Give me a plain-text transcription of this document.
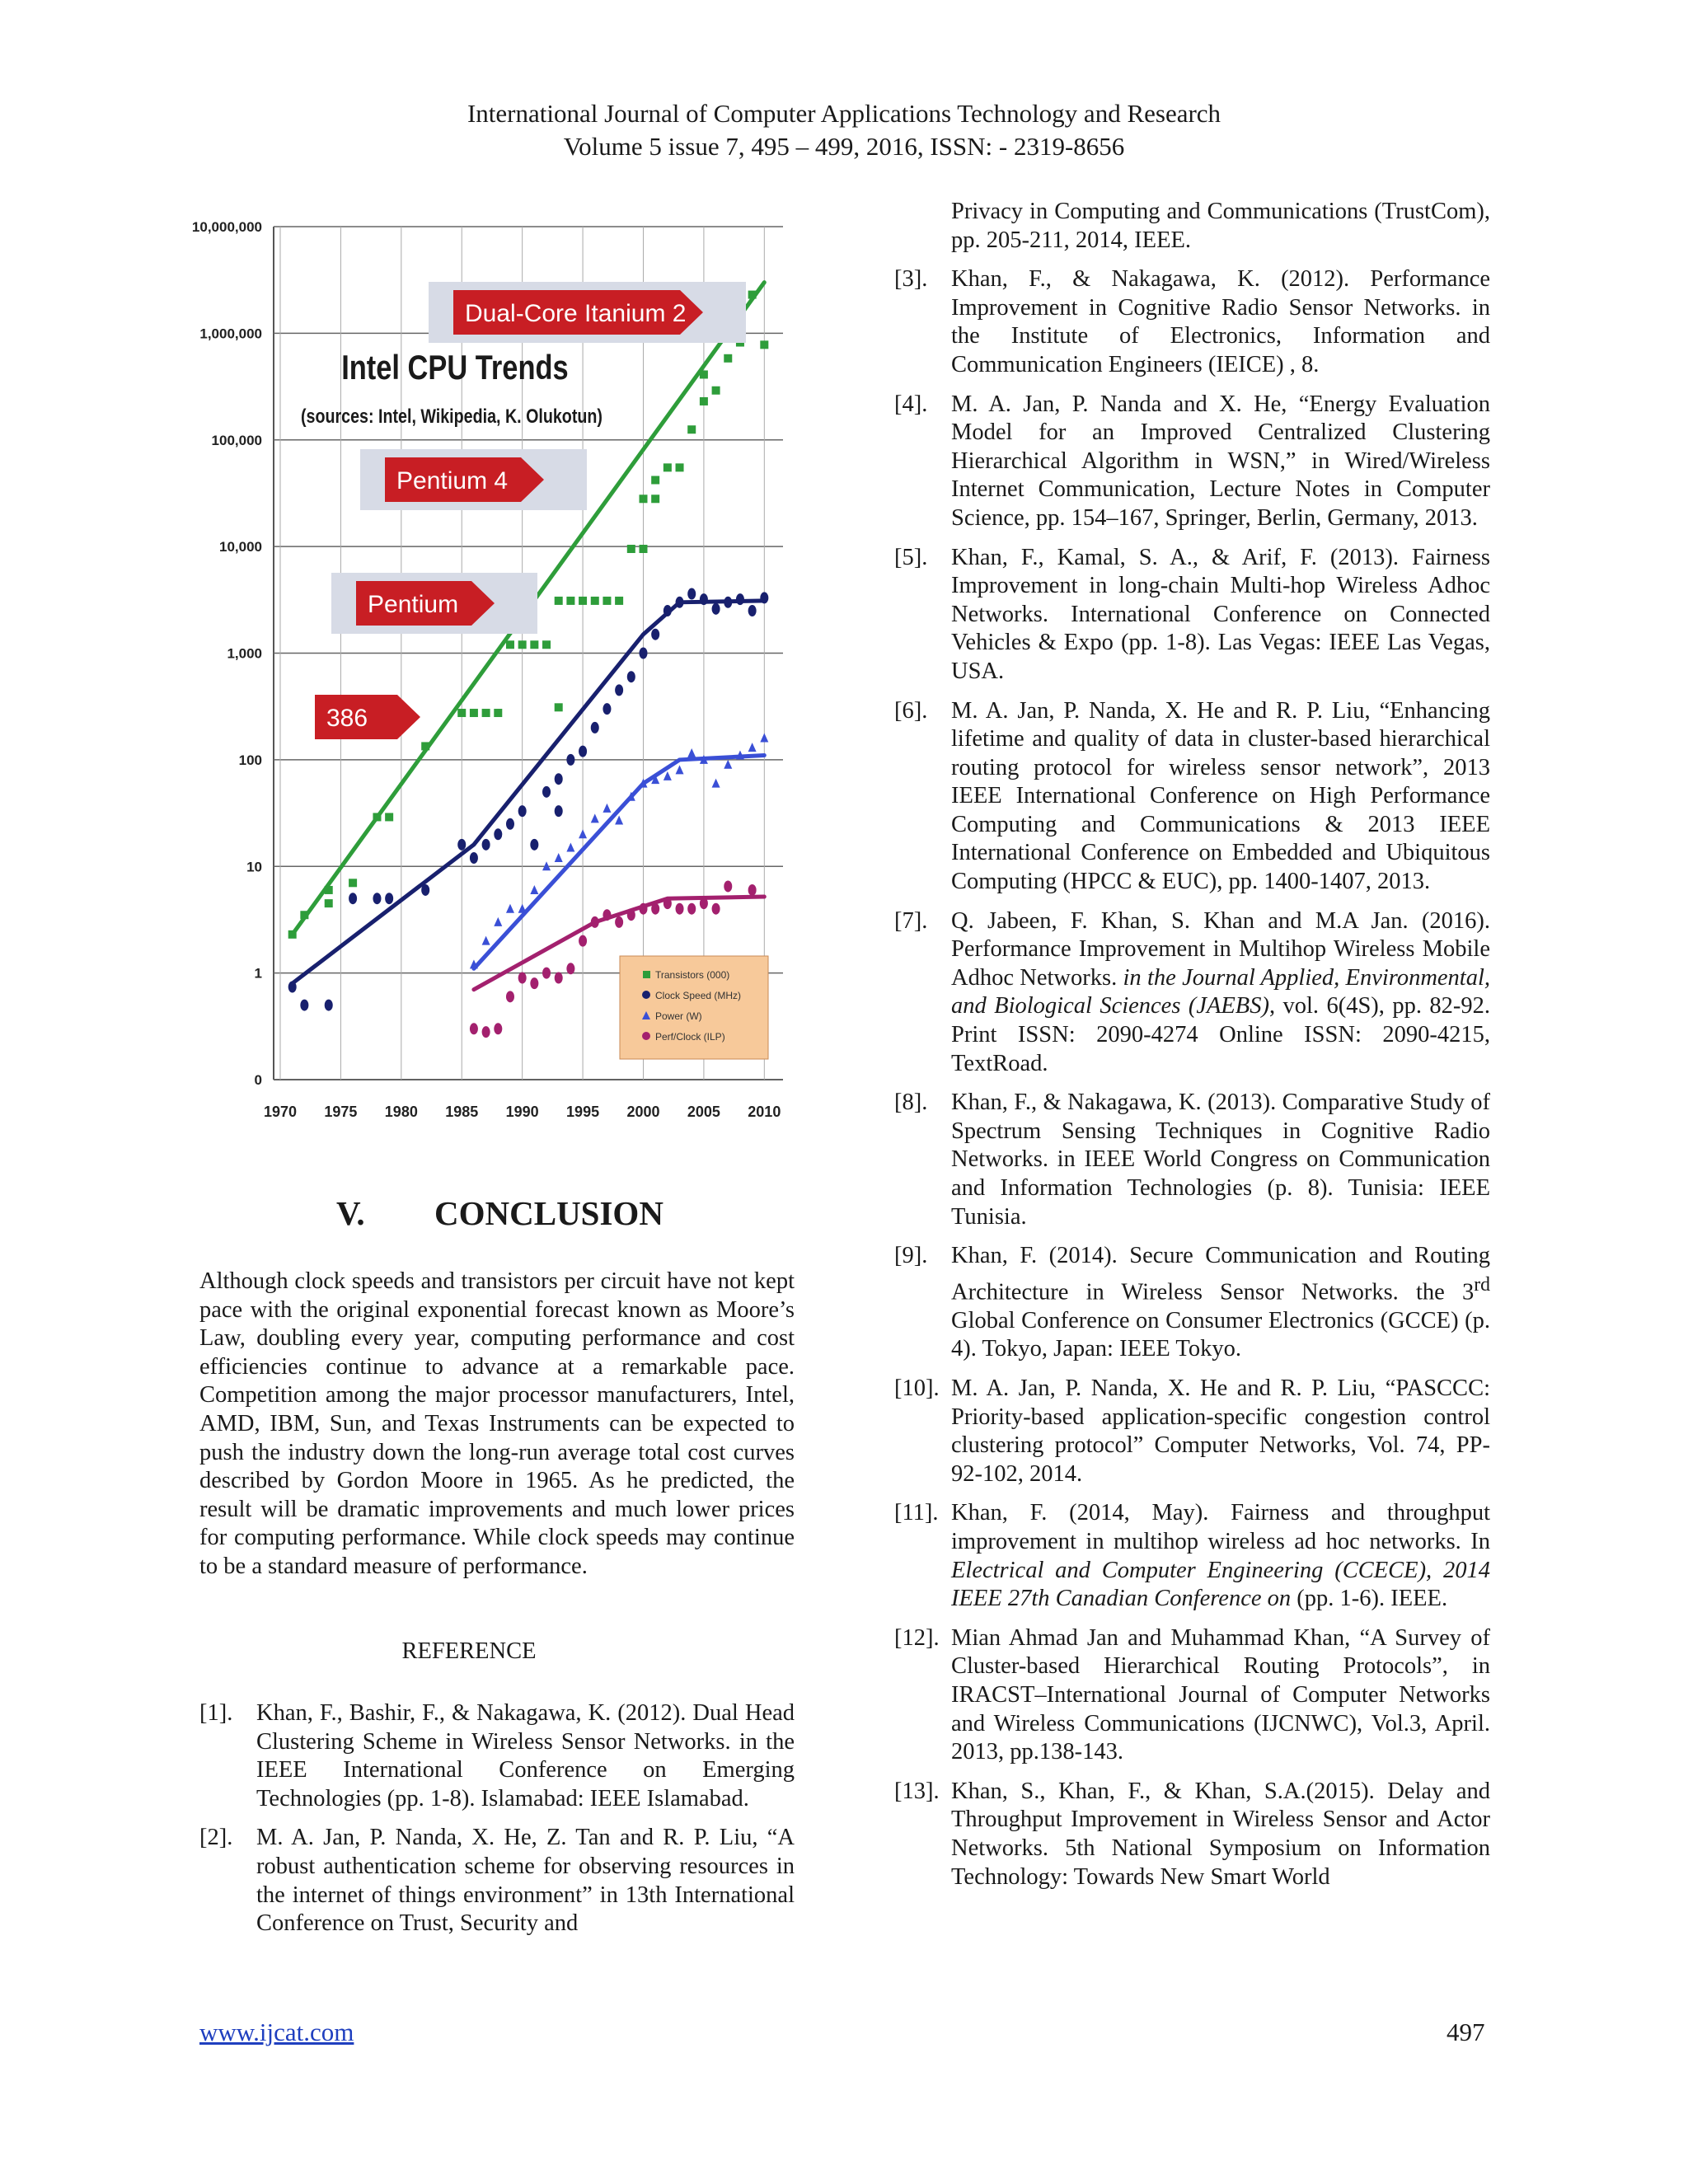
International Journal of Computer Applications Technology and Research
Volume 5 issue 7, 495 – 499, 2016, ISSN: - 2319-8656
Dual-Core Itanium 2
Pentium 4
Pentium
386
Intel CPU Trends
(sources: Intel, Wikipedia, K. Olukotun)
Transistors (000)
Clock Speed (MHz)
Power (W)
Perf/Clock (ILP)
10,000,000
1,000,000
100,000
10,000
1,000
100
10
1
0
1970 1975 1980 1985 1990 1995 2000 2005 2010
V. CONCLUSION
Although clock speeds and transistors per circuit have not kept pace with the original exponential forecast known as Moore’s Law, doubling every year, computing performance and cost efficiencies continue to advance at a remarkable pace. Competition among the major processor manufacturers, Intel, AMD, IBM, Sun, and Texas Instruments can be expected to push the industry down the long-run average total cost curves described by Gordon Moore in 1965. As he predicted, the result will be dramatic improvements and much lower prices for computing performance. While clock speeds may continue to be a standard measure of performance.
REFERENCE
[1]. Khan, F., Bashir, F., & Nakagawa, K. (2012). Dual Head Clustering Scheme in Wireless Sensor Networks. in the IEEE International Conference on Emerging Technologies (pp. 1-8). Islamabad: IEEE Islamabad.
[2]. M. A. Jan, P. Nanda, X. He, Z. Tan and R. P. Liu, “A robust authentication scheme for observing resources in the internet of things environment” in 13th International Conference on Trust, Security and
Privacy in Computing and Communications (TrustCom), pp. 205-211, 2014, IEEE.
[3]. Khan, F., & Nakagawa, K. (2012). Performance Improvement in Cognitive Radio Sensor Networks. in the Institute of Electronics, Information and Communication Engineers (IEICE) , 8.
[4]. M. A. Jan, P. Nanda and X. He, “Energy Evaluation Model for an Improved Centralized Clustering Hierarchical Algorithm in WSN,” in Wired/Wireless Internet Communication, Lecture Notes in Computer Science, pp. 154–167, Springer, Berlin, Germany, 2013.
[5]. Khan, F., Kamal, S. A., & Arif, F. (2013). Fairness Improvement in long-chain Multi-hop Wireless Adhoc Networks. International Conference on Connected Vehicles & Expo (pp. 1-8). Las Vegas: IEEE Las Vegas, USA.
[6]. M. A. Jan, P. Nanda, X. He and R. P. Liu, “Enhancing lifetime and quality of data in cluster-based hierarchical routing protocol for wireless sensor network”, 2013 IEEE International Conference on High Performance Computing and Communications & 2013 IEEE International Conference on Embedded and Ubiquitous Computing (HPCC & EUC), pp. 1400-1407, 2013.
[7]. Q. Jabeen, F. Khan, S. Khan and M.A Jan. (2016). Performance Improvement in Multihop Wireless Mobile Adhoc Networks. in the Journal Applied, Environmental, and Biological Sciences (JAEBS), vol. 6(4S), pp. 82-92. Print ISSN: 2090-4274 Online ISSN: 2090-4215, TextRoad.
[8]. Khan, F., & Nakagawa, K. (2013). Comparative Study of Spectrum Sensing Techniques in Cognitive Radio Networks. in IEEE World Congress on Communication and Information Technologies (p. 8). Tunisia: IEEE Tunisia.
[9]. Khan, F. (2014). Secure Communication and Routing Architecture in Wireless Sensor Networks. the 3rd Global Conference on Consumer Electronics (GCCE) (p. 4). Tokyo, Japan: IEEE Tokyo.
[10]. M. A. Jan, P. Nanda, X. He and R. P. Liu, “PASCCC: Priority-based application-specific congestion control clustering protocol” Computer Networks, Vol. 74, PP-92-102, 2014.
[11]. Khan, F. (2014, May). Fairness and throughput improvement in multihop wireless ad hoc networks. In Electrical and Computer Engineering (CCECE), 2014 IEEE 27th Canadian Conference on (pp. 1-6). IEEE.
[12]. Mian Ahmad Jan and Muhammad Khan, “A Survey of Cluster-based Hierarchical Routing Protocols”, in IRACST–International Journal of Computer Networks and Wireless Communications (IJCNWC), Vol.3, April. 2013, pp.138-143.
[13]. Khan, S., Khan, F., & Khan, S.A.(2015). Delay and Throughput Improvement in Wireless Sensor and Actor Networks. 5th National Symposium on Information Technology: Towards New Smart World
www.ijcat.com	497
